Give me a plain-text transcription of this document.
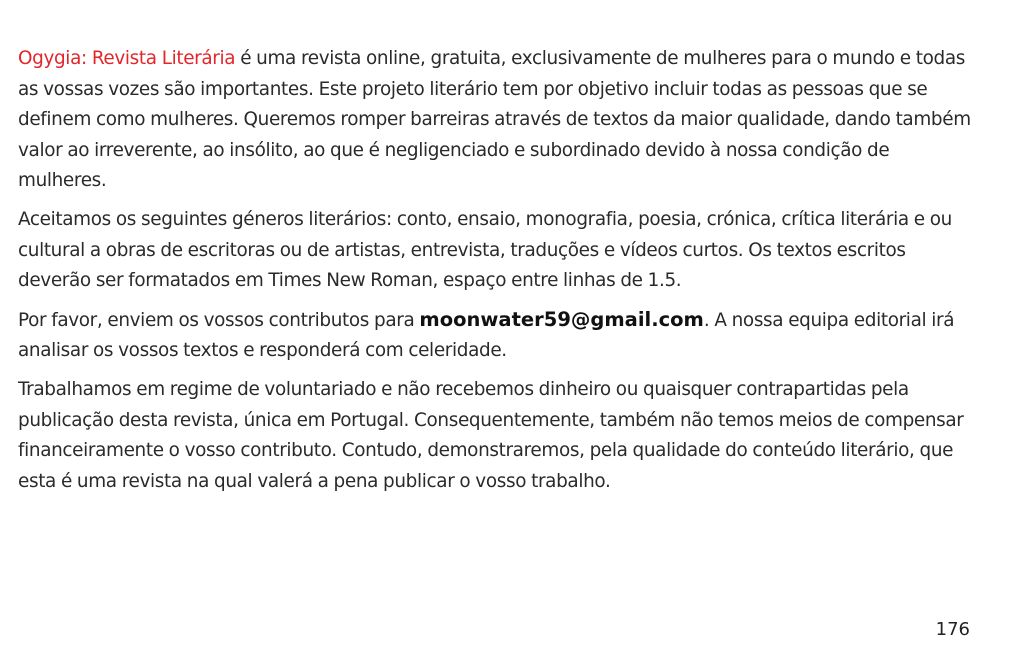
Ogygia: Revista Literária é uma revista online, gratuita, exclusivamente de mulheres para o mundo e todas as vossas vozes são importantes. Este projeto literário tem por objetivo incluir todas as pessoas que se definem como mulheres. Queremos romper barreiras através de textos da maior qualidade, dando também valor ao irreverente, ao insólito, ao que é negligenciado e subordinado devido à nossa condição de mulheres.

Aceitamos os seguintes géneros literários: conto, ensaio, monografia, poesia, crónica, crítica literária e ou cultural a obras de escritoras ou de artistas, entrevista, traduções e vídeos curtos. Os textos escritos deverão ser formatados em Times New Roman, espaço entre linhas de 1.5.

Por favor, enviem os vossos contributos para moonwater59@gmail.com. A nossa equipa editorial irá analisar os vossos textos e responderá com celeridade.

Trabalhamos em regime de voluntariado e não recebemos dinheiro ou quaisquer contrapartidas pela publicação desta revista, única em Portugal. Consequentemente, também não temos meios de compensar financeiramente o vosso contributo. Contudo, demonstraremos, pela qualidade do conteúdo literário, que esta é uma revista na qual valerá a pena publicar o vosso trabalho.

176
